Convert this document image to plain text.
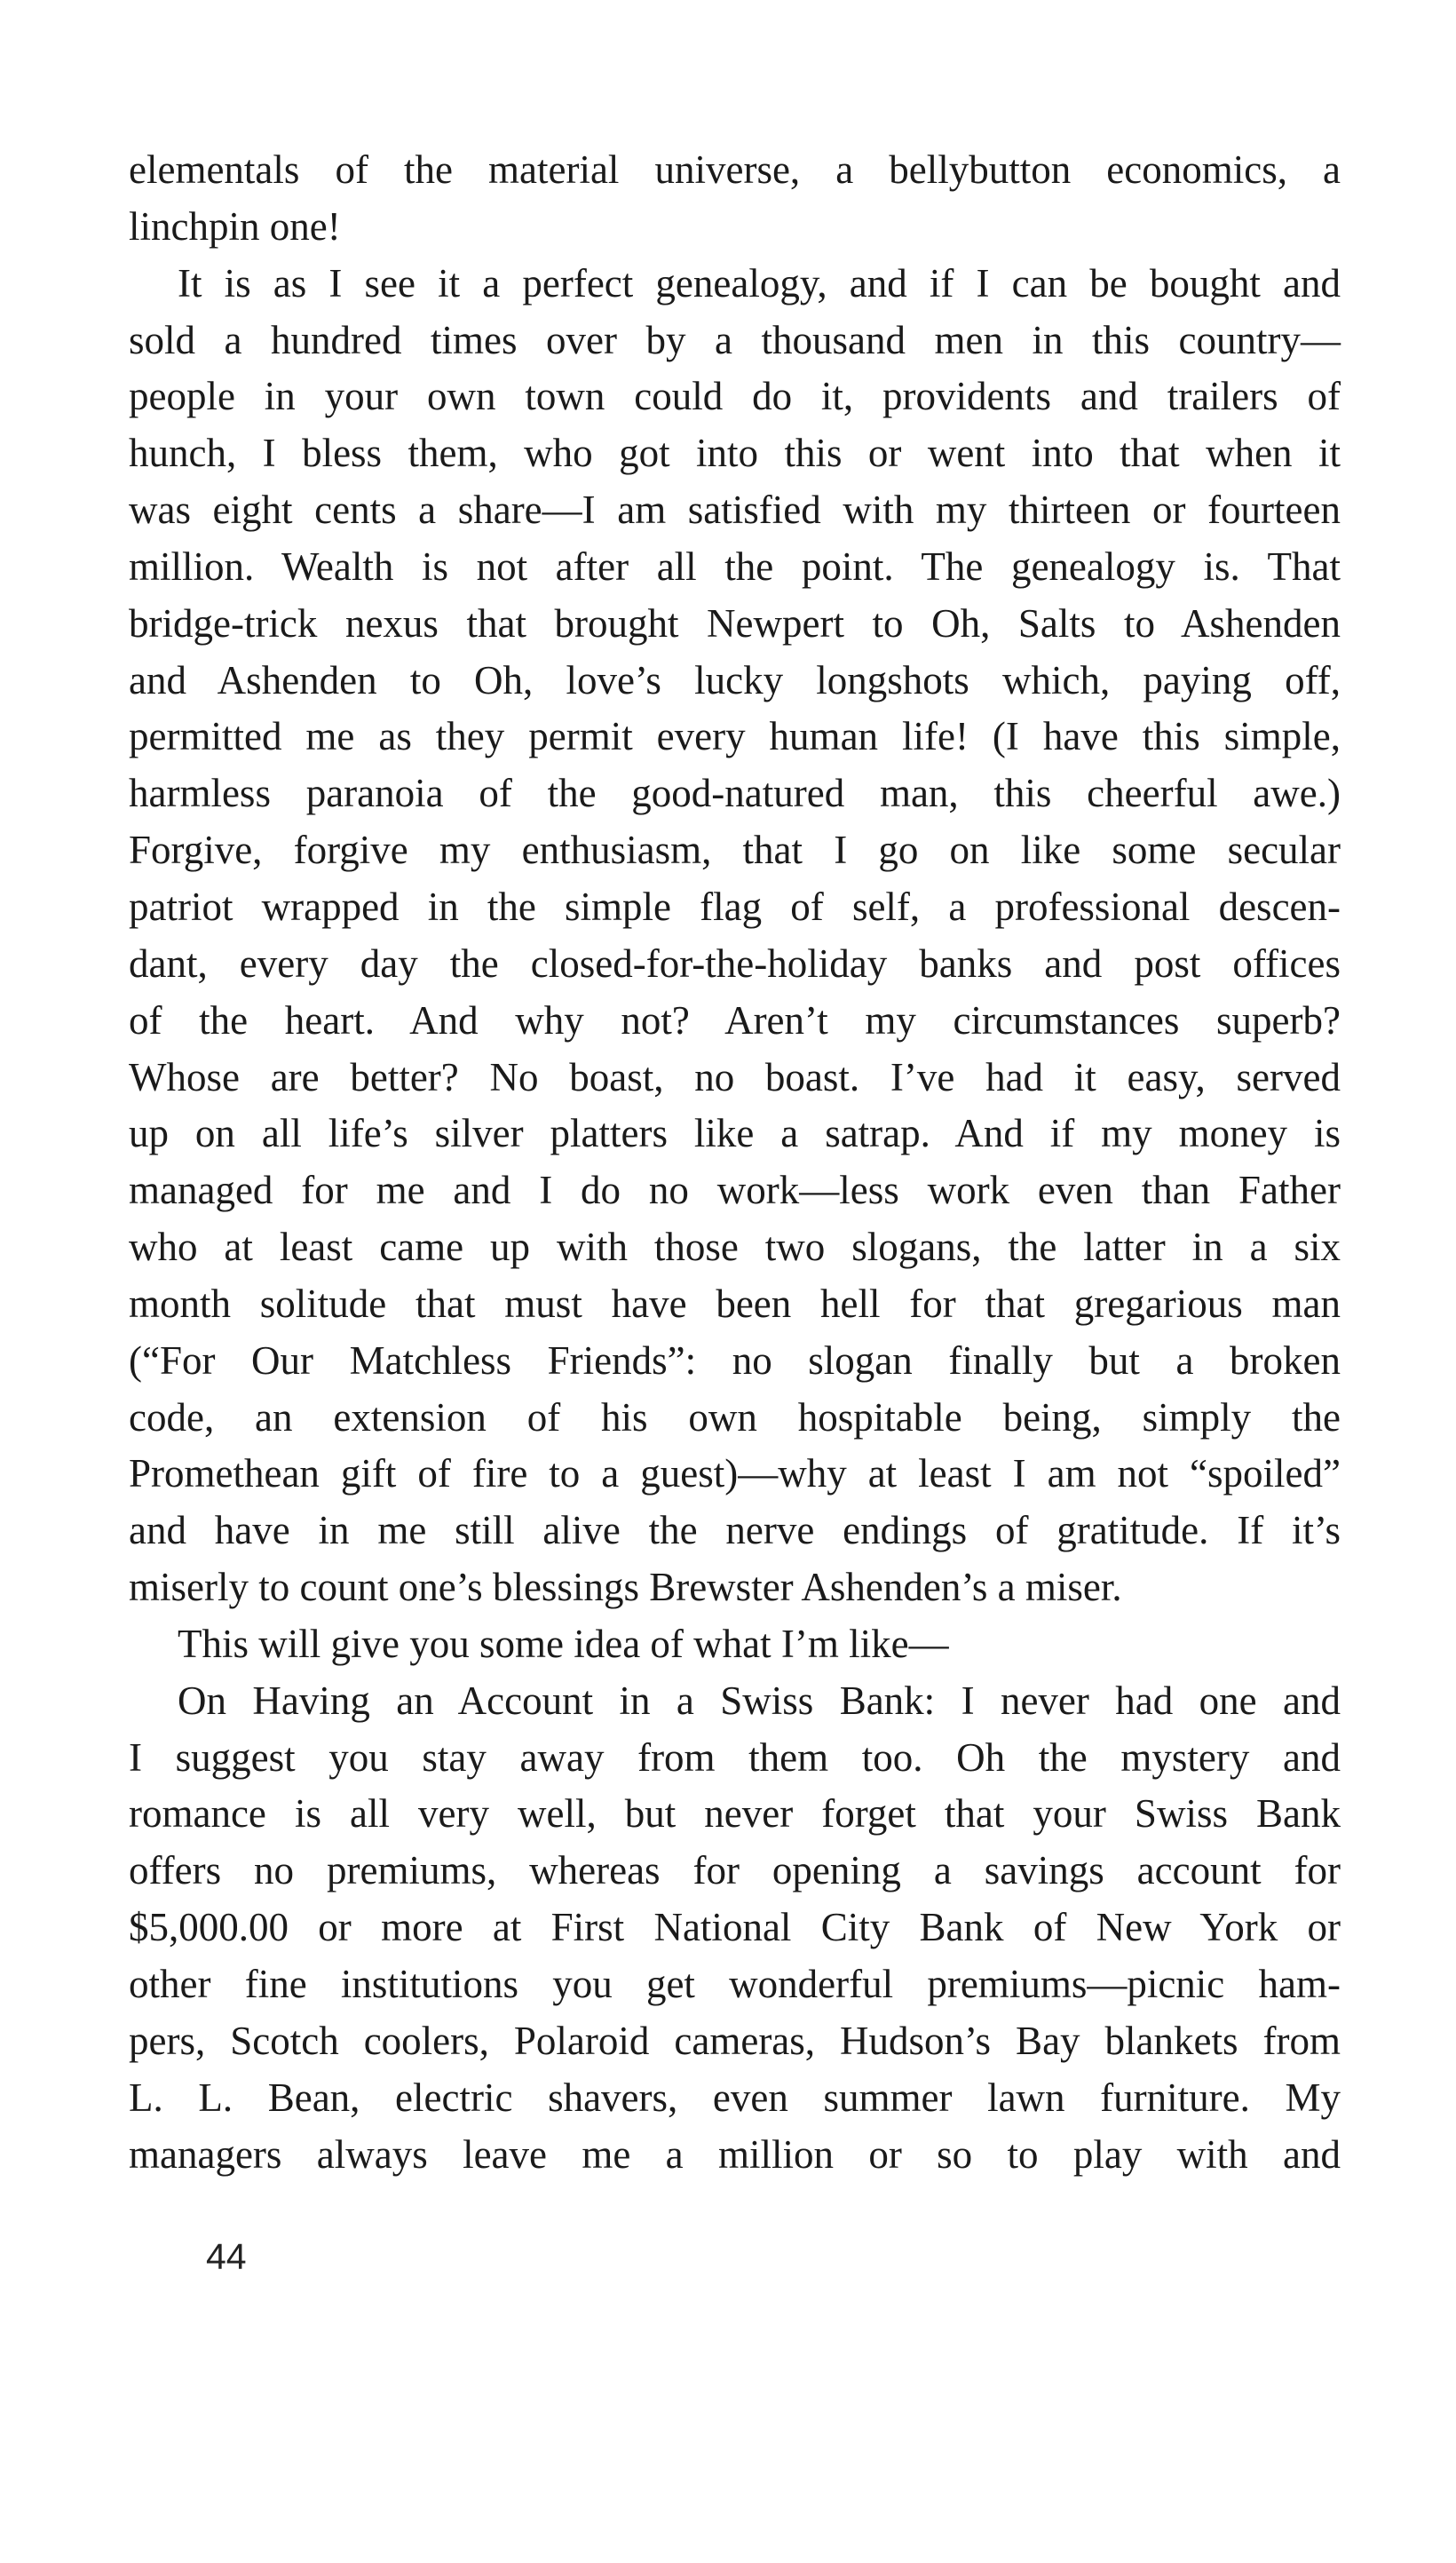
elementals of the material universe, a bellybutton economics, a
linchpin one!
It is as I see it a perfect genealogy, and if I can be bought and
sold a hundred times over by a thousand men in this country—
people in your own town could do it, providents and trailers of
hunch, I bless them, who got into this or went into that when it
was eight cents a share—I am satisfied with my thirteen or fourteen
million. Wealth is not after all the point. The genealogy is. That
bridge-trick nexus that brought Newpert to Oh, Salts to Ashenden
and Ashenden to Oh, love’s lucky longshots which, paying off,
permitted me as they permit every human life! (I have this simple,
harmless paranoia of the good-natured man, this cheerful awe.)
Forgive, forgive my enthusiasm, that I go on like some secular
patriot wrapped in the simple flag of self, a professional descen-
dant, every day the closed-for-the-holiday banks and post offices
of the heart. And why not? Aren’t my circumstances superb?
Whose are better? No boast, no boast. I’ve had it easy, served
up on all life’s silver platters like a satrap. And if my money is
managed for me and I do no work—less work even than Father
who at least came up with those two slogans, the latter in a six
month solitude that must have been hell for that gregarious man
(“For Our Matchless Friends”: no slogan finally but a broken
code, an extension of his own hospitable being, simply the
Promethean gift of fire to a guest)—why at least I am not “spoiled”
and have in me still alive the nerve endings of gratitude. If it’s
miserly to count one’s blessings Brewster Ashenden’s a miser.
This will give you some idea of what I’m like—
On Having an Account in a Swiss Bank: I never had one and
I suggest you stay away from them too. Oh the mystery and
romance is all very well, but never forget that your Swiss Bank
offers no premiums, whereas for opening a savings account for
$5,000.00 or more at First National City Bank of New York or
other fine institutions you get wonderful premiums—picnic ham-
pers, Scotch coolers, Polaroid cameras, Hudson’s Bay blankets from
L. L. Bean, electric shavers, even summer lawn furniture. My
managers always leave me a million or so to play with and
44
